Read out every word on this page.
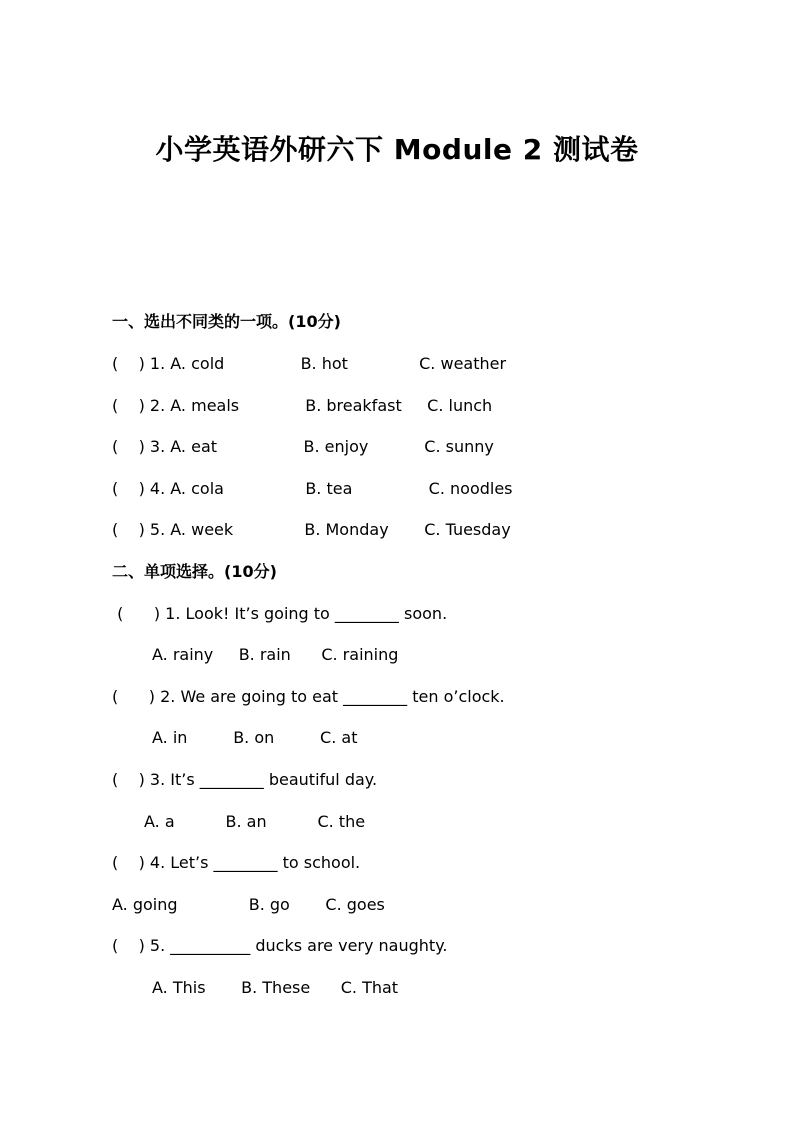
小学英语外研六下 Module 2 测试卷
一、选出不同类的一项。(10分)
(    ) 1. A. cold               B. hot              C. weather
(    ) 2. A. meals             B. breakfast     C. lunch
(    ) 3. A. eat                 B. enjoy           C. sunny
(    ) 4. A. cola                B. tea               C. noodles
(    ) 5. A. week              B. Monday       C. Tuesday
二、单项选择。(10分)
(      ) 1. Look! It’s going to ________ soon.
A. rainy     B. rain      C. raining
(      ) 2. We are going to eat ________ ten o’clock.
A. in         B. on         C. at
(    ) 3. It’s ________ beautiful day.
A. a          B. an          C. the
(    ) 4. Let’s ________ to school.
A. going              B. go       C. goes
(    ) 5. __________ ducks are very naughty.
A. This       B. These      C. That
